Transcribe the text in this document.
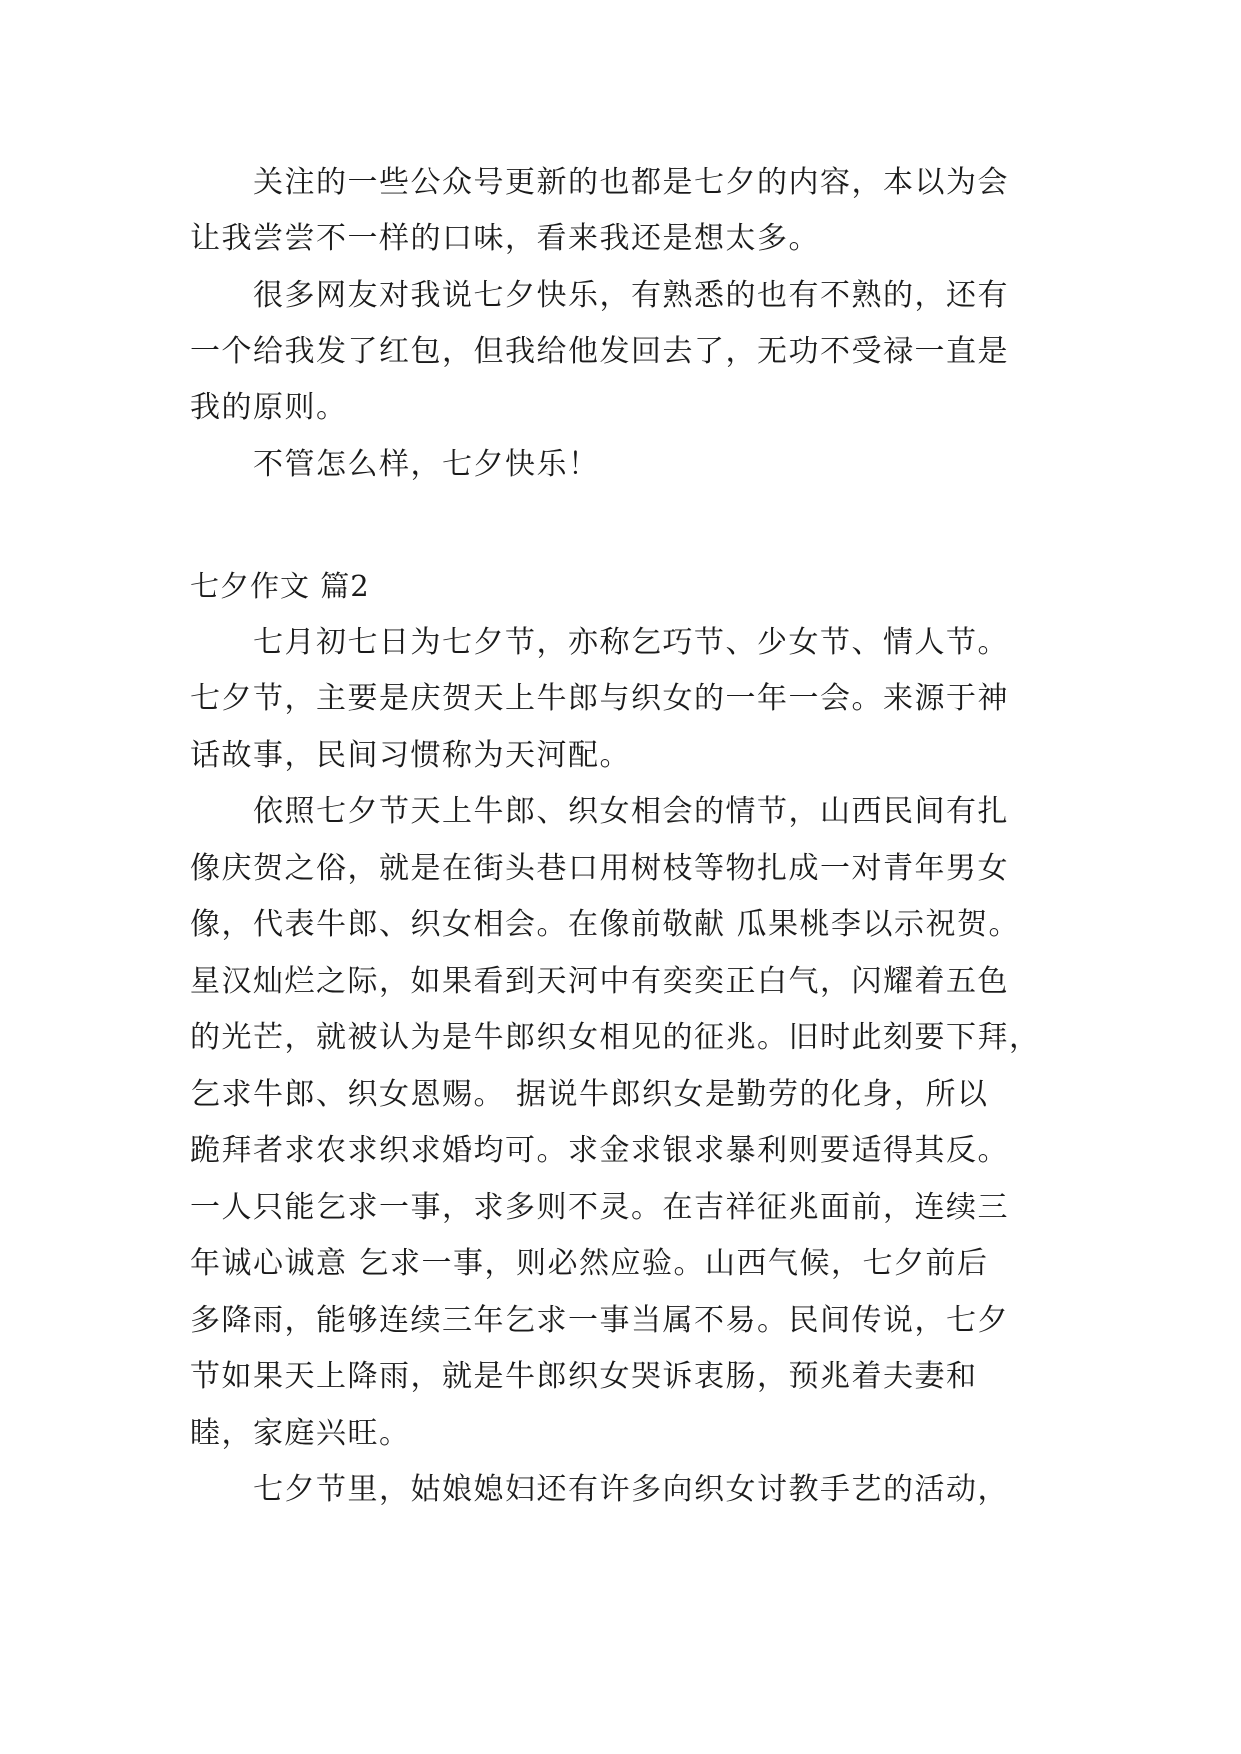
关注的一些公众号更新的也都是七夕的内容，本以为会
让我尝尝不一样的口味，看来我还是想太多。
很多网友对我说七夕快乐，有熟悉的也有不熟的，还有
一个给我发了红包，但我给他发回去了，无功不受禄一直是
我的原则。
不管怎么样，七夕快乐！
七夕作文 篇2
七月初七日为七夕节，亦称乞巧节、少女节、情人节。
七夕节，主要是庆贺天上牛郎与织女的一年一会。来源于神
话故事，民间习惯称为天河配。
依照七夕节天上牛郎、织女相会的情节，山西民间有扎
像庆贺之俗，就是在街头巷口用树枝等物扎成一对青年男女
像，代表牛郎、织女相会。在像前敬献 瓜果桃李以示祝贺。
星汉灿烂之际，如果看到天河中有奕奕正白气，闪耀着五色
的光芒，就被认为是牛郎织女相见的征兆。旧时此刻要下拜，
乞求牛郎、织女恩赐。 据说牛郎织女是勤劳的化身，所以
跪拜者求农求织求婚均可。求金求银求暴利则要适得其反。
一人只能乞求一事，求多则不灵。在吉祥征兆面前，连续三
年诚心诚意 乞求一事，则必然应验。山西气候，七夕前后
多降雨，能够连续三年乞求一事当属不易。民间传说，七夕
节如果天上降雨，就是牛郎织女哭诉衷肠，预兆着夫妻和
睦，家庭兴旺。
七夕节里，姑娘媳妇还有许多向织女讨教手艺的活动，
